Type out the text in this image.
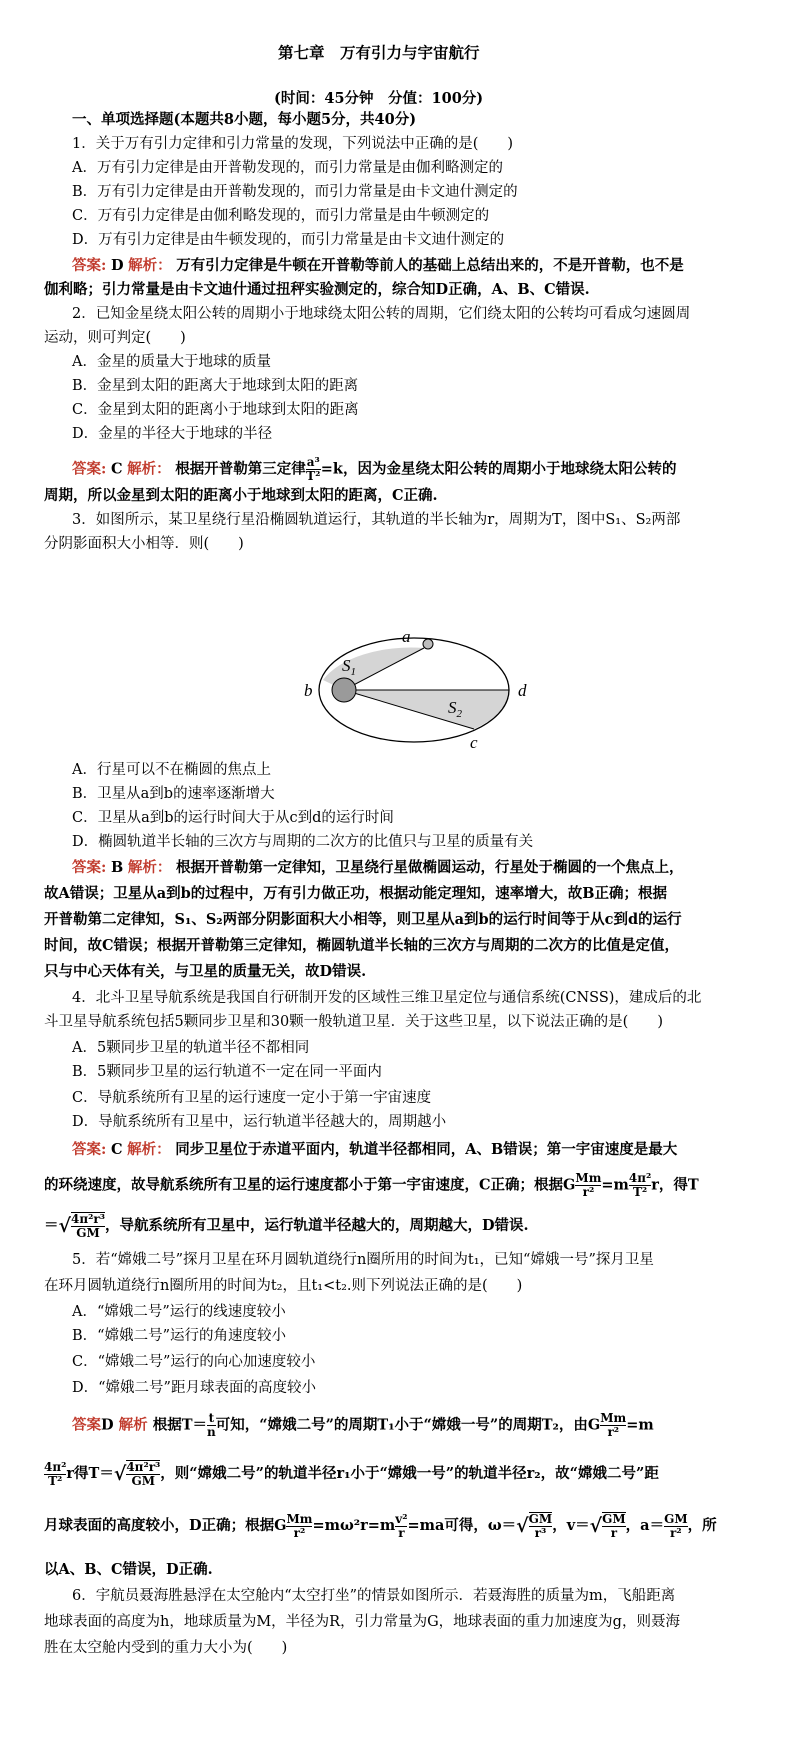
第七章　万有引力与宇宙航行
(时间：45分钟　分值：100分)
一、单项选择题(本题共8小题，每小题5分，共40分)
1．关于万有引力定律和引力常量的发现，下列说法中正确的是(　　)
A．万有引力定律是由开普勒发现的，而引力常量是由伽利略测定的
B．万有引力定律是由开普勒发现的，而引力常量是由卡文迪什测定的
C．万有引力定律是由伽利略发现的，而引力常量是由牛顿测定的
D．万有引力定律是由牛顿发现的，而引力常量是由卡文迪什测定的
答案: D 解析： 万有引力定律是牛顿在开普勒等前人的基础上总结出来的，不是开普勒，也不是
伽利略；引力常量是由卡文迪什通过扭秤实验测定的，综合知D正确，A、B、C错误.
2．已知金星绕太阳公转的周期小于地球绕太阳公转的周期，它们绕太阳的公转均可看成匀速圆周
运动，则可判定(　　)
A．金星的质量大于地球的质量
B．金星到太阳的距离大于地球到太阳的距离
C．金星到太阳的距离小于地球到太阳的距离
D．金星的半径大于地球的半径
答案: C 解析： 根据开普勒第三定律 $\frac{\text{a³}}{\text{T²}} =k$，因为金星绕太阳公转的周期小于地球绕太阳公转的
周期，所以金星到太阳的距离小于地球到太阳的距离，C正确.
3．如图所示，某卫星绕行星沿椭圆轨道运行，其轨道的半长轴为r，周期为T，图中S₁、S₂两部
分阴影面积大小相等．则(　　)
a
b
c
d
$S_1$
$S_2$
A．行星可以不在椭圆的焦点上
B．卫星从a到b的速率逐渐增大
C．卫星从a到b的运行时间大于从c到d的运行时间
D．椭圆轨道半长轴的三次方与周期的二次方的比值只与卫星的质量有关
答案: B 解析： 根据开普勒第一定律知，卫星绕行星做椭圆运动，行星处于椭圆的一个焦点上，
故A错误；卫星从a到b的过程中，万有引力做正功，根据动能定理知，速率增大，故B正确；根据
开普勒第二定律知，S₁、S₂两部分阴影面积大小相等，则卫星从a到b的运行时间等于从c到d的运行
时间，故C错误；根据开普勒第三定律知，椭圆轨道半长轴的三次方与周期的二次方的比值是定值，
只与中心天体有关，与卫星的质量无关，故D错误.
4．北斗卫星导航系统是我国自行研制开发的区域性三维卫星定位与通信系统(CNSS)，建成后的北
斗卫星导航系统包括5颗同步卫星和30颗一般轨道卫星．关于这些卫星，以下说法正确的是(　　)
A．5颗同步卫星的轨道半径不都相同
B．5颗同步卫星的运行轨道不一定在同一平面内
C．导航系统所有卫星的运行速度一定小于第一宇宙速度
D．导航系统所有卫星中，运行轨道半径越大的，周期越小
答案: C 解析： 同步卫星位于赤道平面内，轨道半径都相同，A、B错误；第一宇宙速度是最大
的环绕速度，故导航系统所有卫星的运行速度都小于第一宇宙速度，C正确；根据G $\frac{Mm}{\text{r²}} =m \frac{\text{4π²}}{\text{T²}}$ r，得T
＝√ $\frac{\text{4π²r³}}{GM}$ ，导航系统所有卫星中，运行轨道半径越大的，周期越大，D错误.
5．若“嫦娥二号”探月卫星在环月圆轨道绕行n圈所用的时间为t₁，已知“嫦娥一号”探月卫星
在环月圆轨道绕行n圈所用的时间为t₂，且t₁<t₂.则下列说法正确的是(　　)
A．“嫦娥二号”运行的线速度较小
B．“嫦娥二号”运行的角速度较小
C．“嫦娥二号”运行的向心加速度较小
D．“嫦娥二号”距月球表面的高度较小
答案D 解析 根据$T= \frac{t}{n}$ 可知，“嫦娥二号”的周期T₁小于“嫦娥一号”的周期T₂，由G $\frac{Mm}{\text{r²}} =m$
$\frac{\text{4π²}}{\text{T²}}$ r得$T=√ \frac{\text{4π²r³}}{GM}$ ，则“嫦娥二号”的轨道半径r₁小于“嫦娥一号”的轨道半径r₂，故“嫦娥二号”距
月球表面的高度较小，D正确；根据G $\frac{Mm}{\text{r²}} =m\omega^2r=m \frac{\text{v²}}{r} =ma$可得，$\omega=√ \frac{GM}{\text{r³}}$ ，$v=√ \frac{GM}{r}$ ，$a= \frac{GM}{\text{r²}}$ ，所
以A、B、C错误，D正确.
6．宇航员聂海胜悬浮在太空舱内“太空打坐”的情景如图所示．若聂海胜的质量为m，飞船距离
地球表面的高度为h，地球质量为M，半径为R，引力常量为G，地球表面的重力加速度为g，则聂海
胜在太空舱内受到的重力大小为(　　)
